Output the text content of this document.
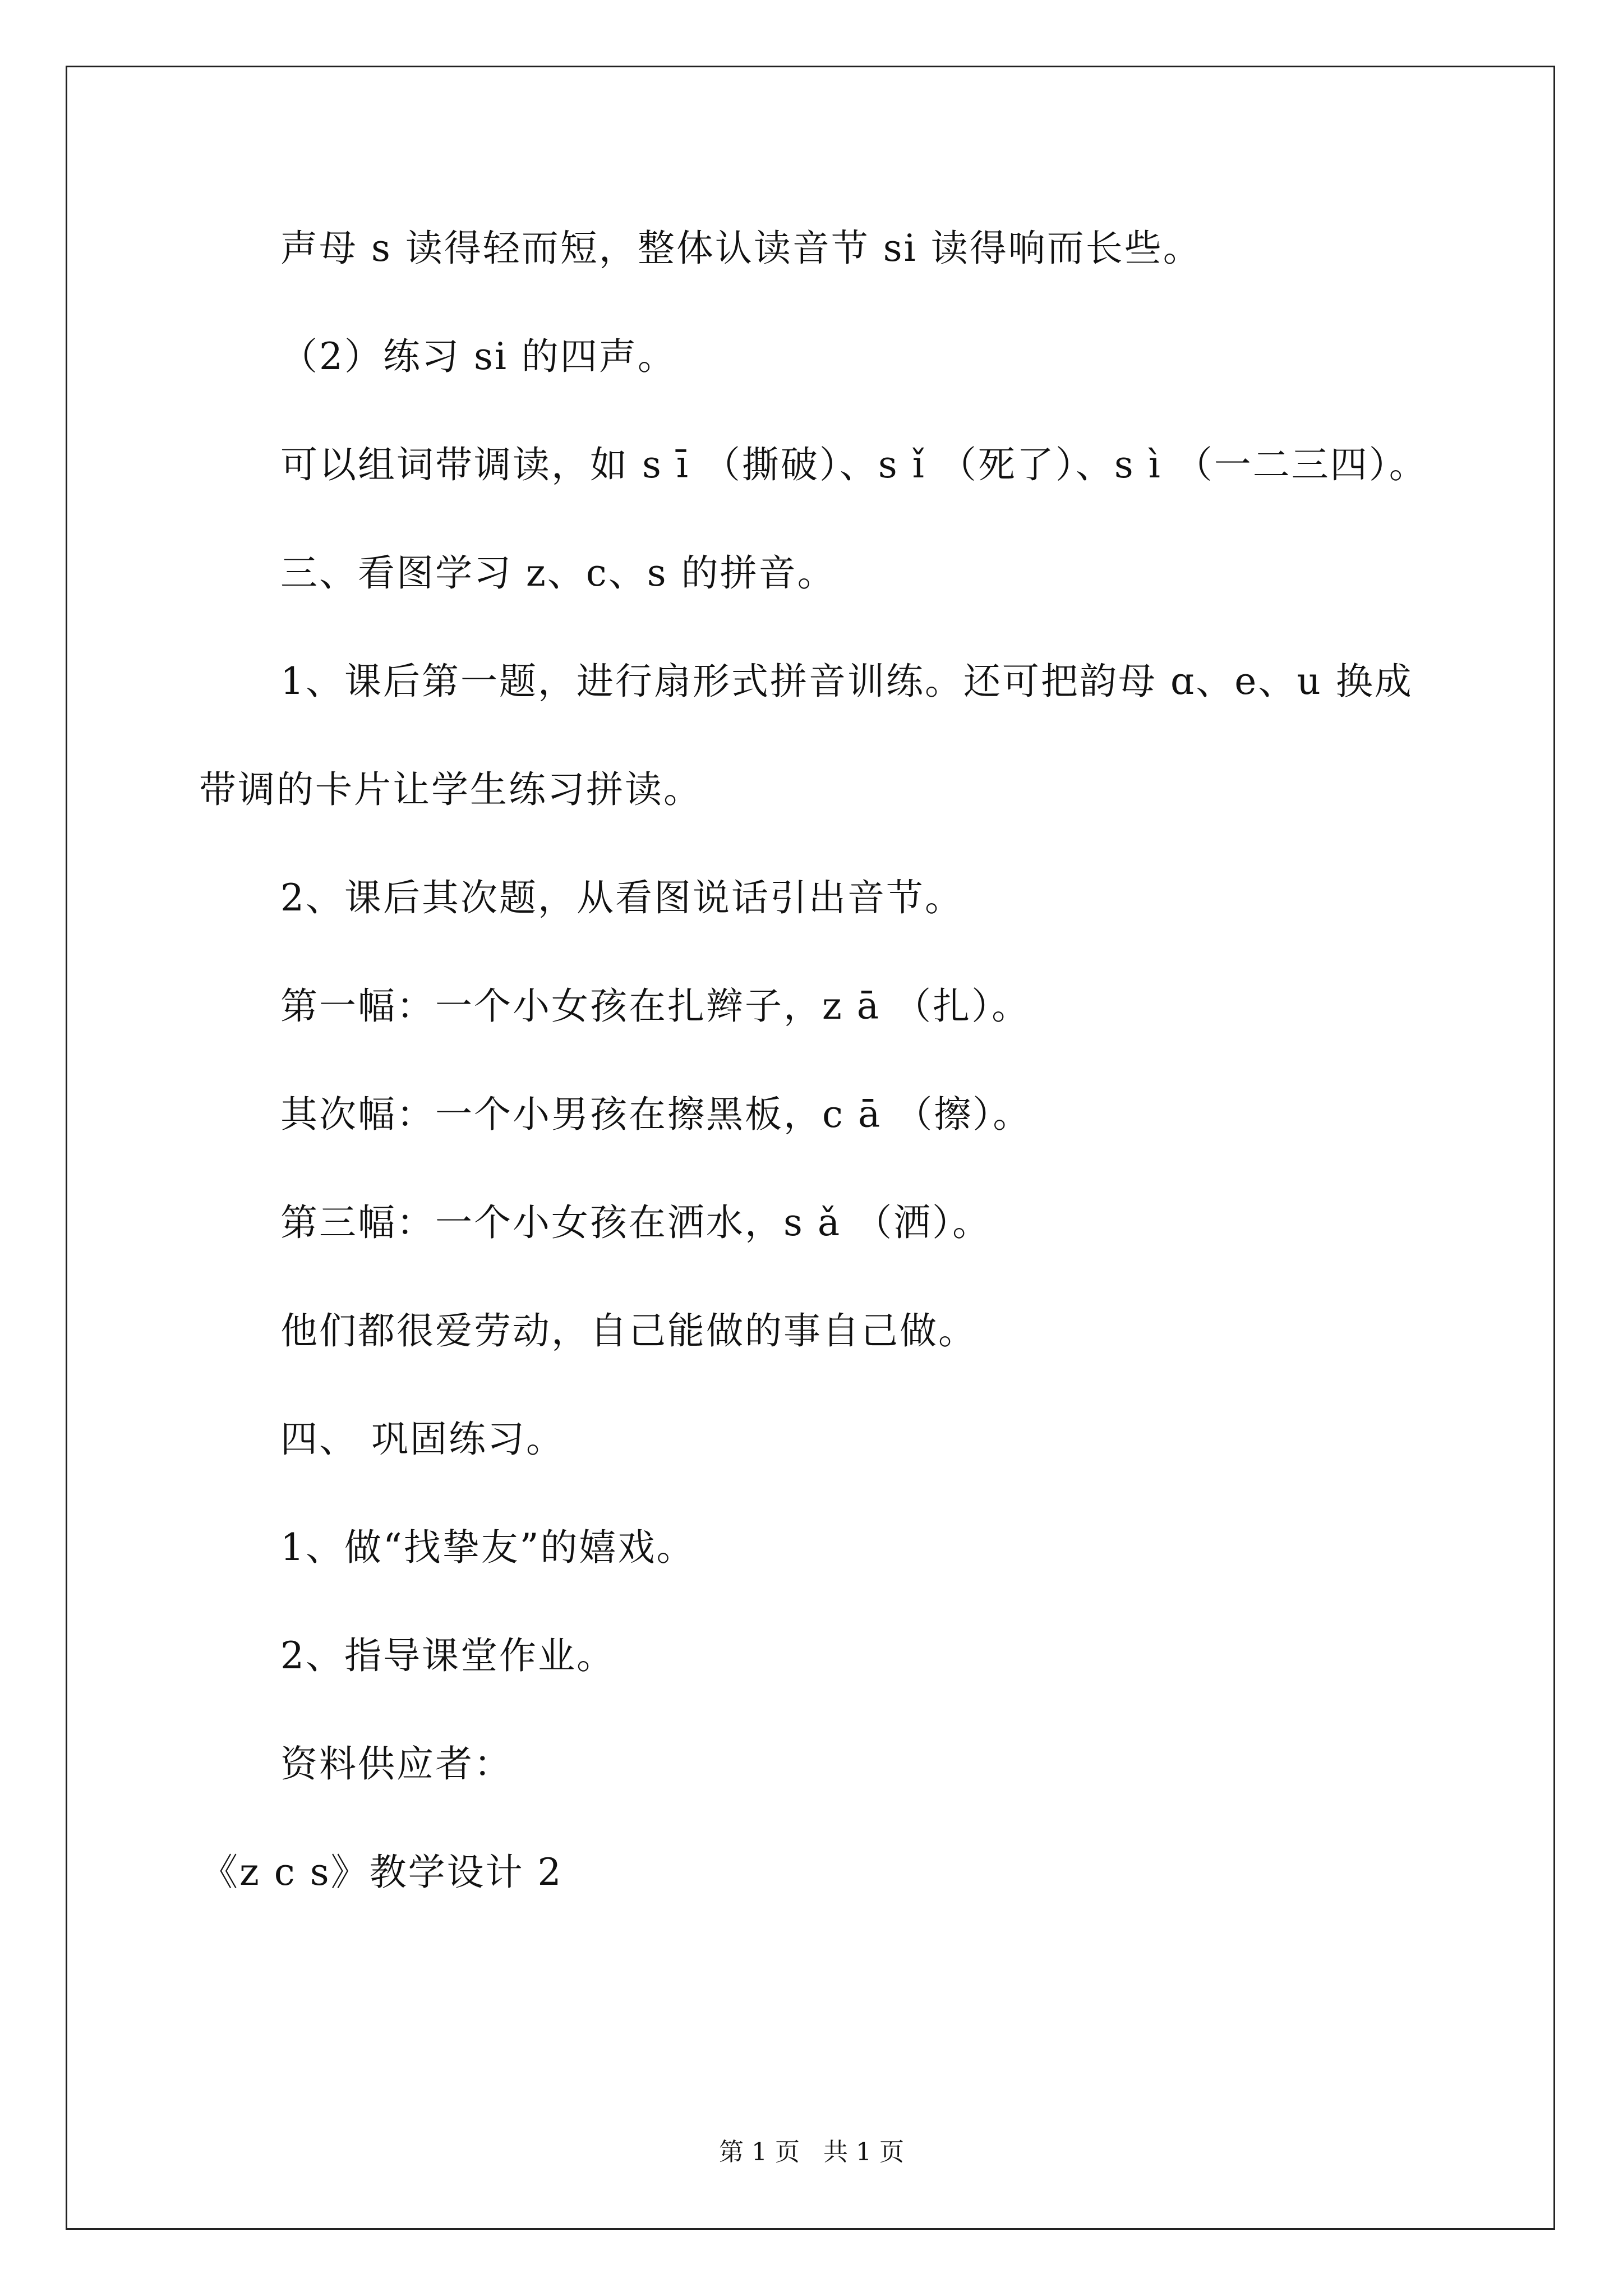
声母 s 读得轻而短，整体认读音节 si 读得响而长些。
（2）练习 si 的四声。
可以组词带调读，如 s ī （撕破）、s ǐ （死了）、s ì （一二三四）。
三、看图学习 z、c、s 的拼音。
1、课后第一题，进行扇形式拼音训练。还可把韵母 ɑ、e、u 换成
带调的卡片让学生练习拼读。
2、课后其次题，从看图说话引出音节。
第一幅：一个小女孩在扎辫子，z ā （扎）。
其次幅：一个小男孩在擦黑板，c ā （擦）。
第三幅：一个小女孩在洒水，s ǎ （洒）。
他们都很爱劳动，自己能做的事自己做。
四、 巩固练习。
1、做“找挚友”的嬉戏。
2、指导课堂作业。
资料供应者：
《z c s》教学设计 2
第 1 页   共 1 页
